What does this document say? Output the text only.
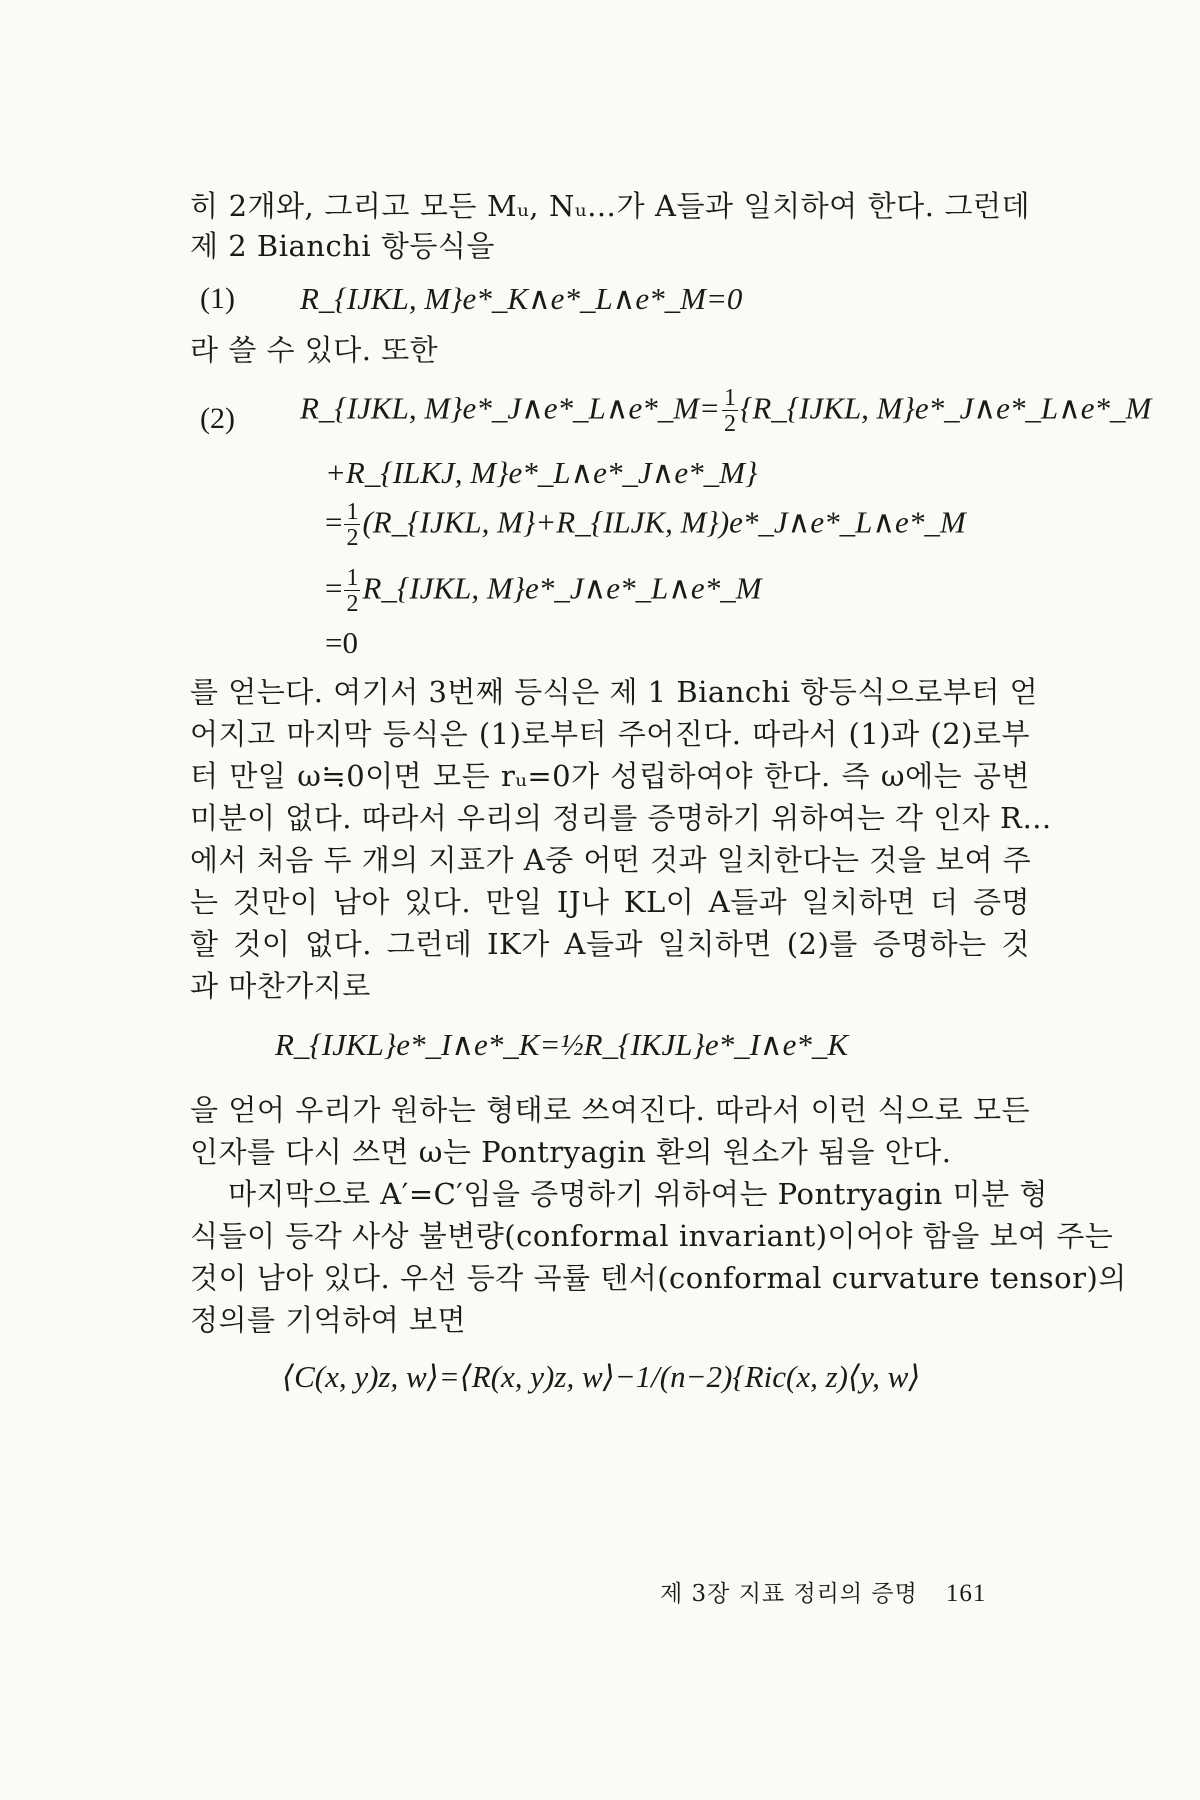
히 2개와, 그리고 모든 Mᵤ, Nᵤ…가 A들과 일치하여 한다. 그런데
제 2 Bianchi 항등식을
(1) R_{IJKL, M}e*_K∧e*_L∧e*_M=0
라 쓸 수 있다. 또한
(2) R_{IJKL, M}e*_J∧e*_L∧e*_M= $\frac{1}{2}$ {R_{IJKL, M}e*_J∧e*_L∧e*_M
+R_{ILKJ, M}e*_L∧e*_J∧e*_M}
= $\frac{1}{2}$ (R_{IJKL, M}+R_{ILJK, M})e*_J∧e*_L∧e*_M
= $\frac{1}{2}$ R_{IJKL, M}e*_J∧e*_L∧e*_M
=0
를 얻는다. 여기서 3번째 등식은 제 1 Bianchi 항등식으로부터 얻
어지고 마지막 등식은 (1)로부터 주어진다. 따라서 (1)과 (2)로부
터 만일 ω≒0이면 모든 rᵤ=0가 성립하여야 한다. 즉 ω에는 공변
미분이 없다. 따라서 우리의 정리를 증명하기 위하여는 각 인자 R…
에서 처음 두 개의 지표가 A중 어떤 것과 일치한다는 것을 보여 주
는 것만이 남아 있다. 만일 IJ나 KL이 A들과 일치하면 더 증명
할 것이 없다. 그런데 IK가 A들과 일치하면 (2)를 증명하는 것
과 마찬가지로
R_{IJKL}e*_I∧e*_K=½R_{IKJL}e*_I∧e*_K
을 얻어 우리가 원하는 형태로 쓰여진다. 따라서 이런 식으로 모든
인자를 다시 쓰면 ω는 Pontryagin 환의 원소가 됨을 안다.
마지막으로 A′=C′임을 증명하기 위하여는 Pontryagin 미분 형
식들이 등각 사상 불변량(conformal invariant)이어야 함을 보여 주는
것이 남아 있다. 우선 등각 곡률 텐서(conformal curvature tensor)의
정의를 기억하여 보면
⟨C(x, y)z, w⟩=⟨R(x, y)z, w⟩−1/(n−2){Ric(x, z)⟨y, w⟩
제 3장 지표 정리의 증명 161
